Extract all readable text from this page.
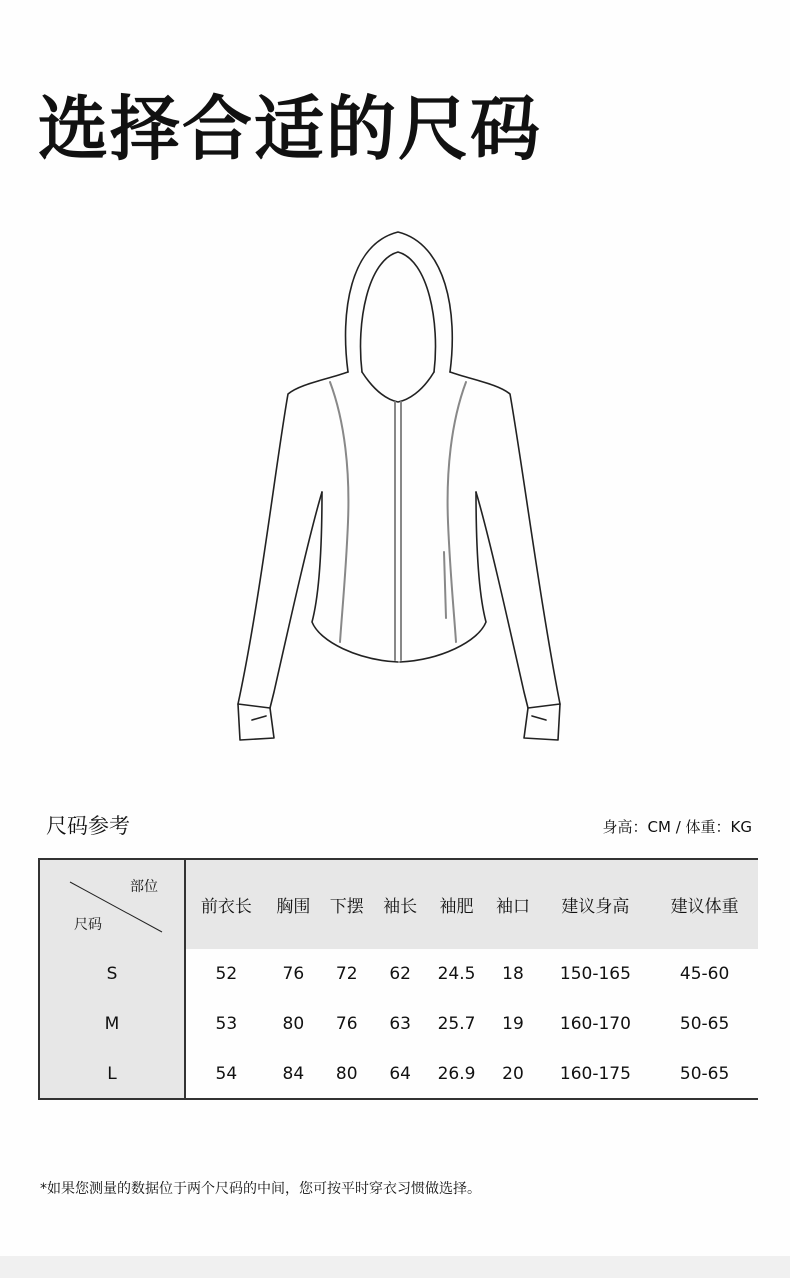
选择合适的尺码
尺码参考	身高：CM / 体重：KG
部位
尺码	前衣长	胸围	下摆	袖长	袖肥	袖口	建议身高	建议体重
S	52	76	72	62	24.5	18	150-165	45-60
M	53	80	76	63	25.7	19	160-170	50-65
L	54	84	80	64	26.9	20	160-175	50-65
*如果您测量的数据位于两个尺码的中间，您可按平时穿衣习惯做选择。
